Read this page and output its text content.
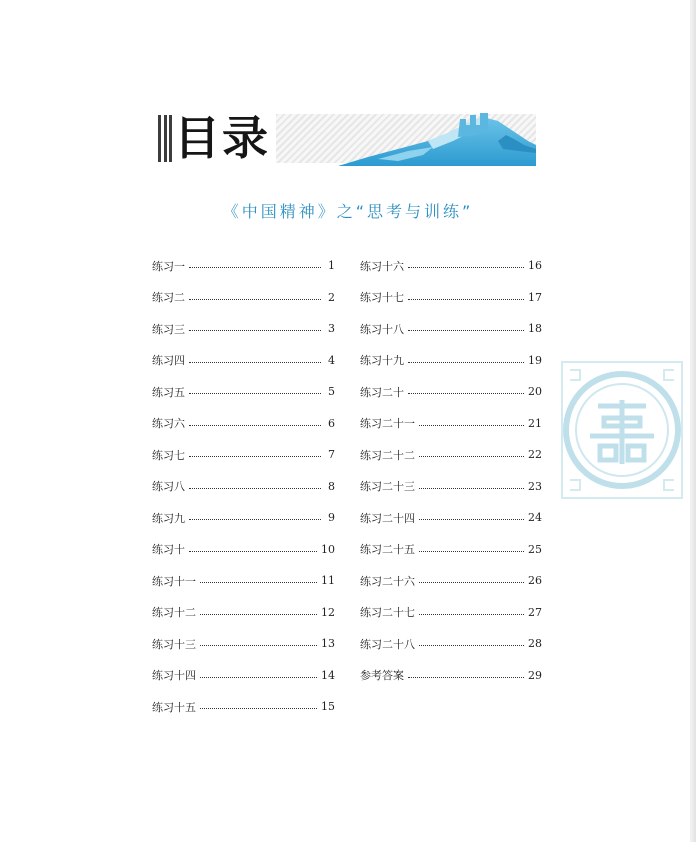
目录
《中国精神》之“思考与训练”
练习一	1
练习二	2
练习三	3
练习四	4
练习五	5
练习六	6
练习七	7
练习八	8
练习九	9
练习十	10
练习十一	11
练习十二	12
练习十三	13
练习十四	14
练习十五	15
练习十六	16
练习十七	17
练习十八	18
练习十九	19
练习二十	20
练习二十一	21
练习二十二	22
练习二十三	23
练习二十四	24
练习二十五	25
练习二十六	26
练习二十七	27
练习二十八	28
参考答案	29
